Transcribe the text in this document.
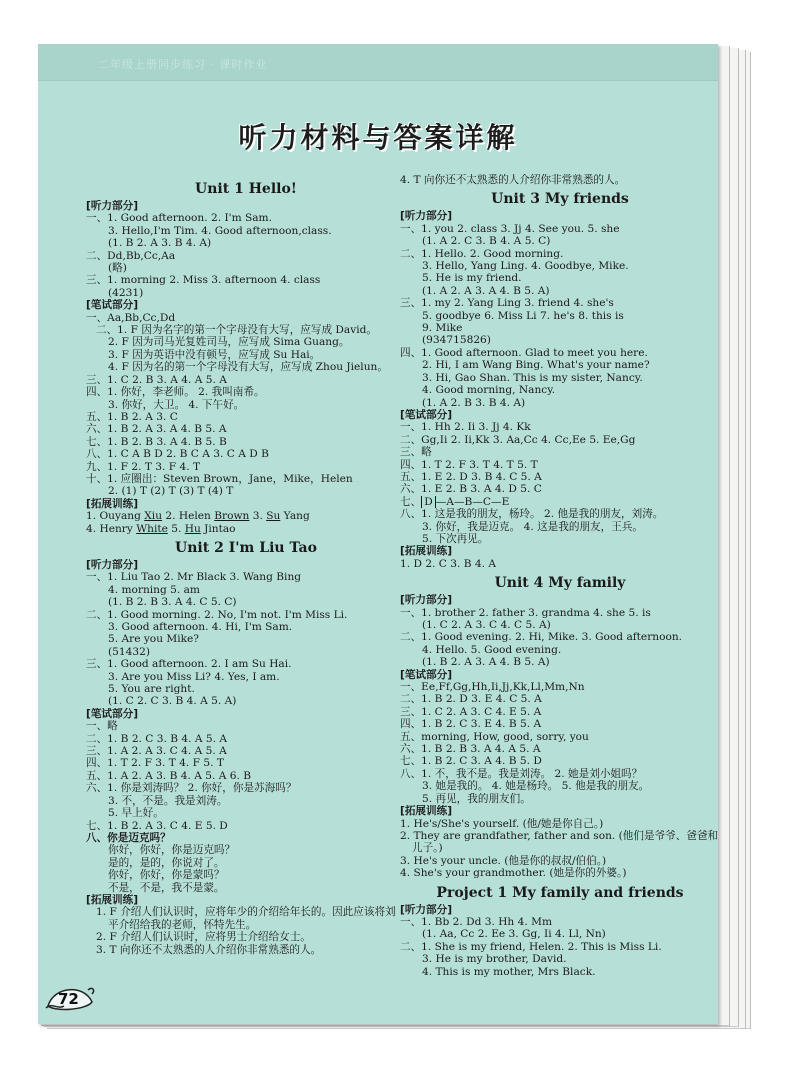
二年级上册同步练习 · 课时作业
听力材料与答案详解
Unit 1 Hello!
[听力部分]
一、1. Good afternoon. 2. I'm Sam.
3. Hello,I'm Tim. 4. Good afternoon,class.
(1. B 2. A 3. B 4. A)
二、Dd,Bb,Cc,Aa
(略)
三、1. morning 2. Miss 3. afternoon 4. class
(4231)
[笔试部分]
一、Aa,Bb,Cc,Dd
二、1. F 因为名字的第一个字母没有大写，应写成 David。
2. F 因为司马光复姓司马，应写成 Sima Guang。
3. F 因为英语中没有顿号，应写成 Su Hai。
4. F 因为名的第一个字母没有大写，应写成 Zhou Jielun。
三、1. C 2. B 3. A 4. A 5. A
四、1. 你好，李老师。 2. 我叫南希。
3. 你好，大卫。 4. 下午好。
五、1. B 2. A 3. C
六、1. B 2. A 3. A 4. B 5. A
七、1. B 2. B 3. A 4. B 5. B
八、1. C A B D 2. B C A 3. C A D B
九、1. F 2. T 3. F 4. T
十、1. 应圈出：Steven Brown，Jane，Mike，Helen
2. (1) T (2) T (3) T (4) T
[拓展训练]
1. Ouyang Xiu 2. Helen Brown 3. Su Yang
4. Henry White 5. Hu Jintao
Unit 2 I'm Liu Tao
[听力部分]
一、1. Liu Tao 2. Mr Black 3. Wang Bing
4. morning 5. am
(1. B 2. B 3. A 4. C 5. C)
二、1. Good morning. 2. No, I'm not. I'm Miss Li.
3. Good afternoon. 4. Hi, I'm Sam.
5. Are you Mike?
(51432)
三、1. Good afternoon. 2. I am Su Hai.
3. Are you Miss Li? 4. Yes, I am.
5. You are right.
(1. C 2. C 3. B 4. A 5. A)
[笔试部分]
一、略
二、1. B 2. C 3. B 4. A 5. A
三、1. A 2. A 3. C 4. A 5. A
四、1. T 2. F 3. T 4. F 5. T
五、1. A 2. A 3. B 4. A 5. A 6. B
六、1. 你是刘涛吗？ 2. 你好，你是苏海吗？
3. 不，不是。我是刘涛。
5. 早上好。
七、1. B 2. A 3. C 4. E 5. D
八、你是迈克吗？
你好，你好，你是迈克吗？
是的，是的，你说对了。
你好，你好，你是蒙吗？
不是，不是，我不是蒙。
[拓展训练]
1. F 介绍人们认识时，应将年少的介绍给年长的。因此应该将刘平介绍给我的老师，怀特先生。
2. F 介绍人们认识时，应将男士介绍给女士。
3. T 向你还不太熟悉的人介绍你非常熟悉的人。
4. T 向你还不太熟悉的人介绍你非常熟悉的人。
Unit 3 My friends
[听力部分]
一、1. you 2. class 3. Jj 4. See you. 5. she
(1. A 2. C 3. B 4. A 5. C)
二、1. Hello. 2. Good morning.
3. Hello, Yang Ling. 4. Goodbye, Mike.
5. He is my friend.
(1. A 2. A 3. A 4. B 5. A)
三、1. my 2. Yang Ling 3. friend 4. she's
5. goodbye 6. Miss Li 7. he's 8. this is
9. Mike
(934715826)
四、1. Good afternoon. Glad to meet you here.
2. Hi, I am Wang Bing. What's your name?
3. Hi, Gao Shan. This is my sister, Nancy.
4. Good morning, Nancy.
(1. A 2. B 3. B 4. A)
[笔试部分]
一、1. Hh 2. Ii 3. Jj 4. Kk
二、Gg,Ii 2. Ii,Kk 3. Aa,Cc 4. Cc,Ee 5. Ee,Gg
三、略
四、1. T 2. F 3. T 4. T 5. T
五、1. E 2. D 3. B 4. C 5. A
六、1. E 2. B 3. A 4. D 5. C
七、 D —A—B—C—E
八、1. 这是我的朋友，杨玲。 2. 他是我的朋友，刘涛。
3. 你好，我是迈克。 4. 这是我的朋友，王兵。
5. 下次再见。
[拓展训练]
1. D 2. C 3. B 4. A
Unit 4 My family
[听力部分]
一、1. brother 2. father 3. grandma 4. she 5. is
(1. C 2. A 3. C 4. C 5. A)
二、1. Good evening. 2. Hi, Mike. 3. Good afternoon.
4. Hello. 5. Good evening.
(1. B 2. A 3. A 4. B 5. A)
[笔试部分]
一、Ee,Ff,Gg,Hh,Ii,Jj,Kk,Ll,Mm,Nn
二、1. B 2. D 3. E 4. C 5. A
三、1. C 2. A 3. C 4. E 5. A
四、1. B 2. C 3. E 4. B 5. A
五、morning, How, good, sorry, you
六、1. B 2. B 3. A 4. A 5. A
七、1. B 2. C 3. A 4. B 5. D
八、1. 不，我不是。我是刘涛。 2. 她是刘小姐吗？
3. 她是我的。 4. 她是杨玲。 5. 他是我的朋友。
5. 再见，我的朋友们。
[拓展训练]
1. He's/She's yourself. (他/她是你自己。)
2. They are grandfather, father and son. (他们是爷爷、爸爸和儿子。)
3. He's your uncle. (他是你的叔叔/伯伯。)
4. She's your grandmother. (她是你的外婆。)
Project 1 My family and friends
[听力部分]
一、1. Bb 2. Dd 3. Hh 4. Mm
(1. Aa, Cc 2. Ee 3. Gg, Ii 4. Ll, Nn)
二、1. She is my friend, Helen. 2. This is Miss Li.
3. He is my brother, David.
4. This is my mother, Mrs Black.
72
